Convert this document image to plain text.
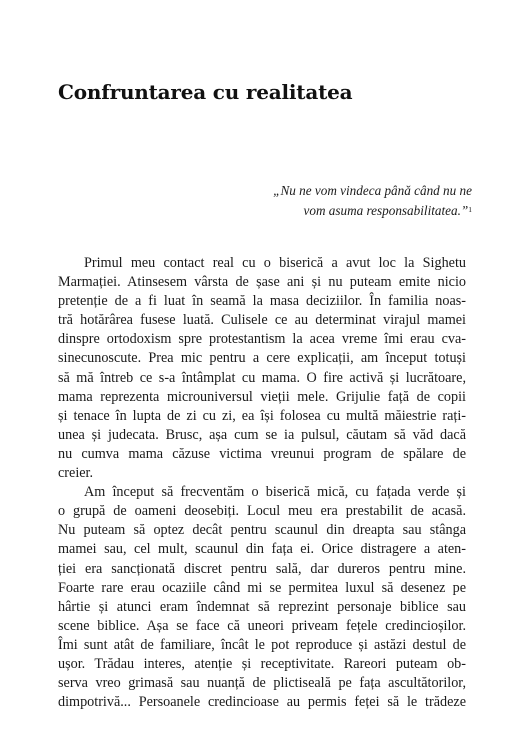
Confruntarea cu realitatea
„Nu ne vom vindeca până când nu ne
vom asuma responsabilitatea.”$^1$
Primul meu contact real cu o biserică a avut loc la Sighetu
Marmației. Atinsesem vârsta de șase ani și nu puteam emite nicio
pretenție de a fi luat în seamă la masa deciziilor. În familia noas-
tră hotărârea fusese luată. Culisele ce au determinat virajul mamei
dinspre ortodoxism spre protestantism la acea vreme îmi erau cva-
sinecunoscute. Prea mic pentru a cere explicații, am început totuși
să mă întreb ce s-a întâmplat cu mama. O fire activă și lucrătoare,
mama reprezenta microuniversul vieții mele. Grijulie față de copii
și tenace în lupta de zi cu zi, ea își folosea cu multă măiestrie rați-
unea și judecata. Brusc, așa cum se ia pulsul, căutam să văd dacă
nu cumva mama căzuse victima vreunui program de spălare de
creier.
Am început să frecventăm o biserică mică, cu fațada verde și
o grupă de oameni deosebiți. Locul meu era prestabilit de acasă.
Nu puteam să optez decât pentru scaunul din dreapta sau stânga
mamei sau, cel mult, scaunul din fața ei. Orice distragere a aten-
ției era sancționată discret pentru sală, dar dureros pentru mine.
Foarte rare erau ocaziile când mi se permitea luxul să desenez pe
hârtie și atunci eram îndemnat să reprezint personaje biblice sau
scene biblice. Așa se face că uneori priveam fețele credincioșilor.
Îmi sunt atât de familiare, încât le pot reproduce și astăzi destul de
ușor. Trădau interes, atenție și receptivitate. Rareori puteam ob-
serva vreo grimasă sau nuanță de plictiseală pe fața ascultătorilor,
dimpotrivă... Persoanele credincioase au permis feței să le trădeze
